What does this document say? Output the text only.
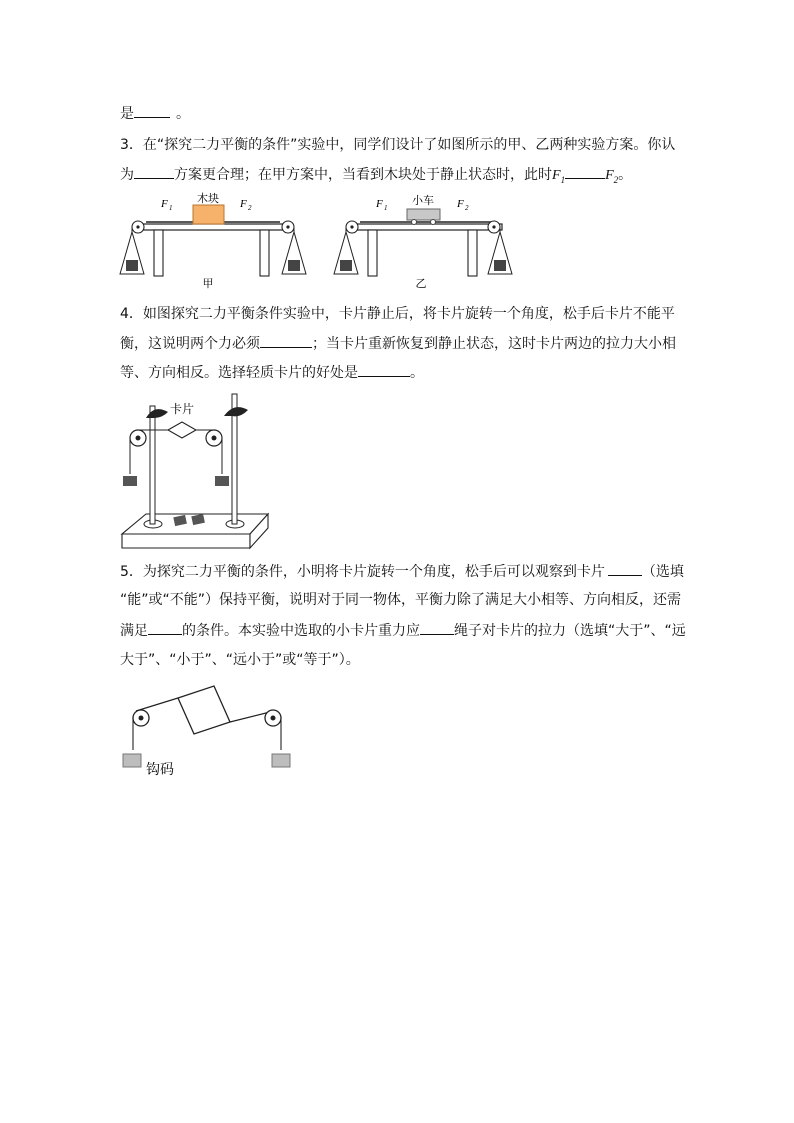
是	。
3．在“探究二力平衡的条件”实验中，同学们设计了如图所示的甲、乙两种实验方案。你认
为	方案更合理；在甲方案中，当看到木块处于静止状态时，此时$F_1$	$F_2$。
木块
F 1	F 2
甲
小车
F 1	F 2
乙
4．如图探究二力平衡条件实验中，卡片静止后，将卡片旋转一个角度，松手后卡片不能平
衡，这说明两个力必须	；当卡片重新恢复到静止状态，这时卡片两边的拉力大小相
等、方向相反。选择轻质卡片的好处是	。
卡片
5．为探究二力平衡的条件，小明将卡片旋转一个角度，松手后可以观察到卡片	（选填
“能”或“不能”）保持平衡，说明对于同一物体，平衡力除了满足大小相等、方向相反，还需
满足 的条件。本实验中选取的小卡片重力应 绳子对卡片的拉力（选填“大于”、“远
大于”、“小于”、“远小于”或“等于”）。
钩码
